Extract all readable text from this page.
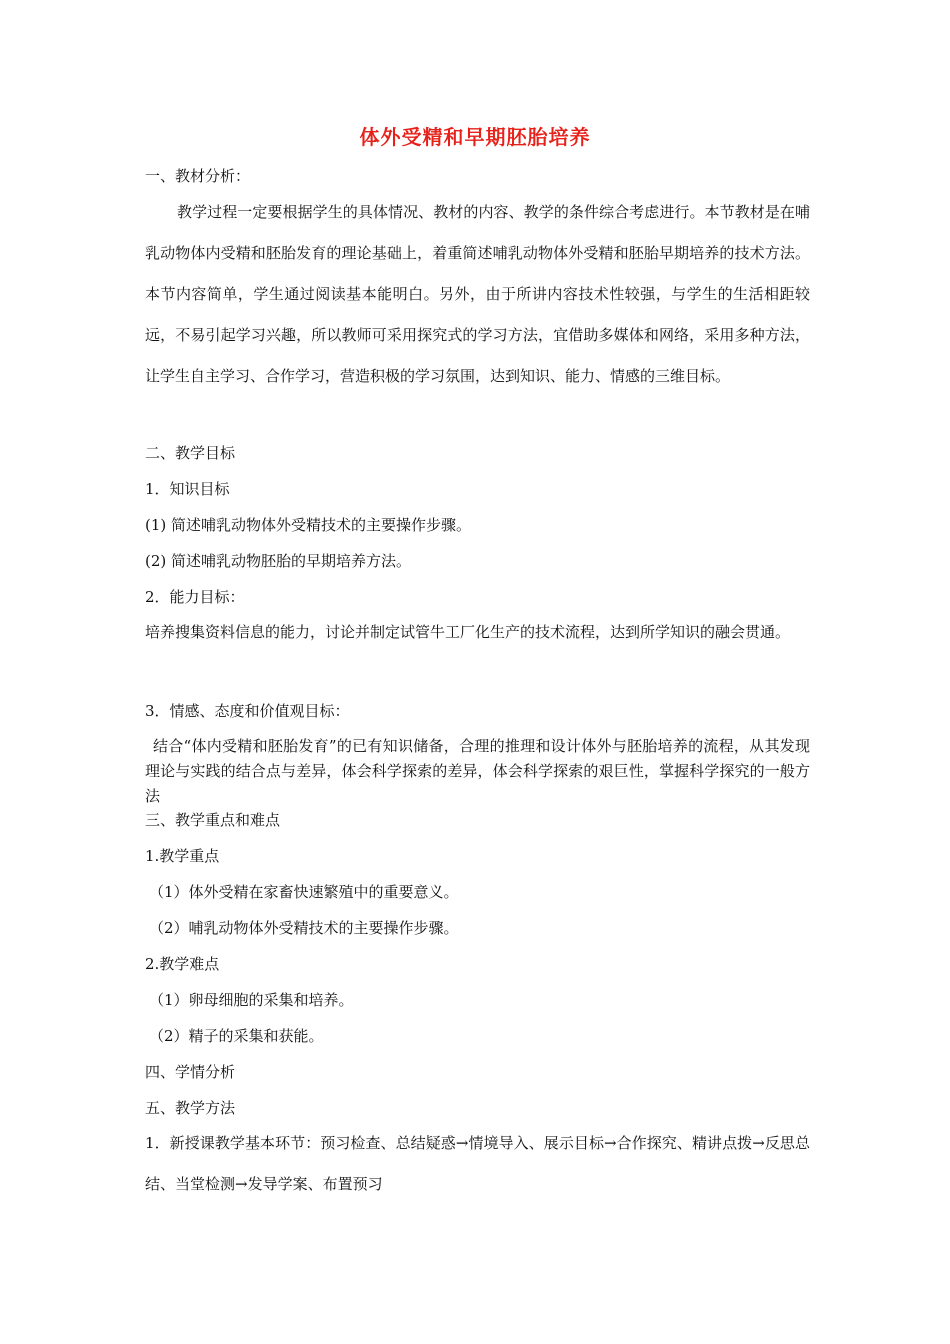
体外受精和早期胚胎培养

一、教材分析：

教学过程一定要根据学生的具体情况、教材的内容、教学的条件综合考虑进行。本节教材是在哺乳动物体内受精和胚胎发育的理论基础上，着重简述哺乳动物体外受精和胚胎早期培养的技术方法。本节内容简单，学生通过阅读基本能明白。另外，由于所讲内容技术性较强，与学生的生活相距较远，不易引起学习兴趣，所以教师可采用探究式的学习方法，宜借助多媒体和网络，采用多种方法，让学生自主学习、合作学习，营造积极的学习氛围，达到知识、能力、情感的三维目标。

二、教学目标

1．知识目标

(1) 简述哺乳动物体外受精技术的主要操作步骤。

(2) 简述哺乳动物胚胎的早期培养方法。

2．能力目标：

培养搜集资料信息的能力，讨论并制定试管牛工厂化生产的技术流程，达到所学知识的融会贯通。

3．情感、态度和价值观目标：

结合“体内受精和胚胎发育”的已有知识储备，合理的推理和设计体外与胚胎培养的流程，从其发现理论与实践的结合点与差异，体会科学探索的差异，体会科学探索的艰巨性，掌握科学探究的一般方法

三、教学重点和难点

1.教学重点

（1）体外受精在家畜快速繁殖中的重要意义。

（2）哺乳动物体外受精技术的主要操作步骤。

2.教学难点

（1）卵母细胞的采集和培养。

（2）精子的采集和获能。

四、学情分析

五、教学方法

1．新授课教学基本环节：预习检查、总结疑惑→情境导入、展示目标→合作探究、精讲点拨→反思总结、当堂检测→发导学案、布置预习
